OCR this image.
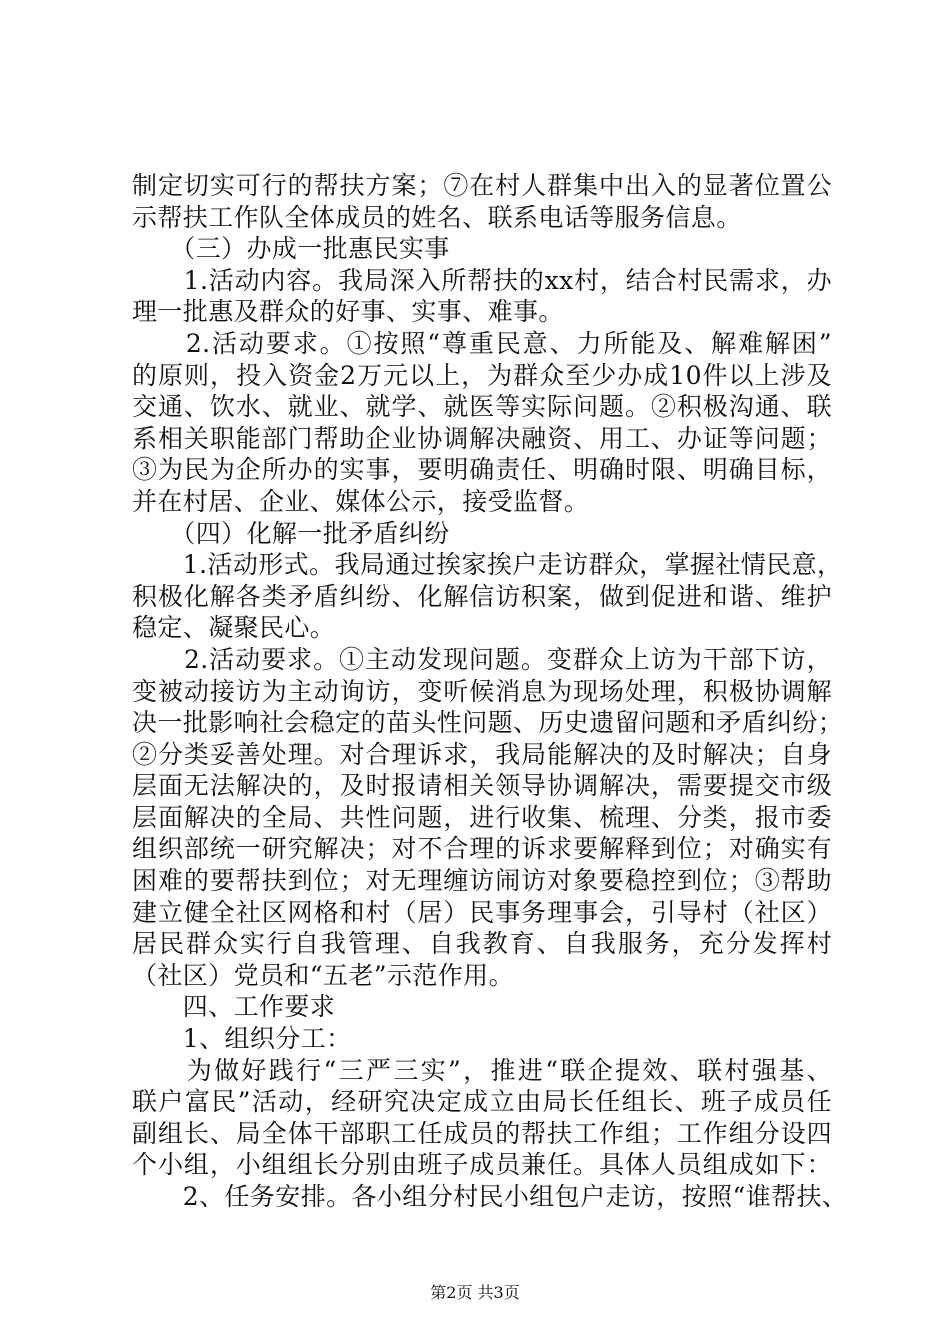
制定切实可行的帮扶方案；⑦在村人群集中出入的显著位置公
示帮扶工作队全体成员的姓名、联系电话等服务信息。
　　（三）办成一批惠民实事
　　1.活动内容。我局深入所帮扶的xx村，结合村民需求，办
理一批惠及群众的好事、实事、难事。
　　2.活动要求。①按照“尊重民意、力所能及、解难解困”
的原则，投入资金2万元以上，为群众至少办成10件以上涉及
交通、饮水、就业、就学、就医等实际问题。②积极沟通、联
系相关职能部门帮助企业协调解决融资、用工、办证等问题；
③为民为企所办的实事，要明确责任、明确时限、明确目标，
并在村居、企业、媒体公示，接受监督。
　　（四）化解一批矛盾纠纷
　　1.活动形式。我局通过挨家挨户走访群众，掌握社情民意，
积极化解各类矛盾纠纷、化解信访积案，做到促进和谐、维护
稳定、凝聚民心。
　　2.活动要求。①主动发现问题。变群众上访为干部下访，
变被动接访为主动询访，变听候消息为现场处理，积极协调解
决一批影响社会稳定的苗头性问题、历史遗留问题和矛盾纠纷；
②分类妥善处理。对合理诉求，我局能解决的及时解决；自身
层面无法解决的，及时报请相关领导协调解决，需要提交市级
层面解决的全局、共性问题，进行收集、梳理、分类，报市委
组织部统一研究解决；对不合理的诉求要解释到位；对确实有
困难的要帮扶到位；对无理缠访闹访对象要稳控到位；③帮助
建立健全社区网格和村（居）民事务理事会，引导村（社区）
居民群众实行自我管理、自我教育、自我服务，充分发挥村
（社区）党员和“五老”示范作用。
　　四、工作要求
　　1、组织分工：
　　为做好践行“三严三实”，推进“联企提效、联村强基、
联户富民”活动，经研究决定成立由局长任组长、班子成员任
副组长、局全体干部职工任成员的帮扶工作组；工作组分设四
个小组，小组组长分别由班子成员兼任。具体人员组成如下：
　　2、任务安排。各小组分村民小组包户走访，按照“谁帮扶、
第2页 共3页
